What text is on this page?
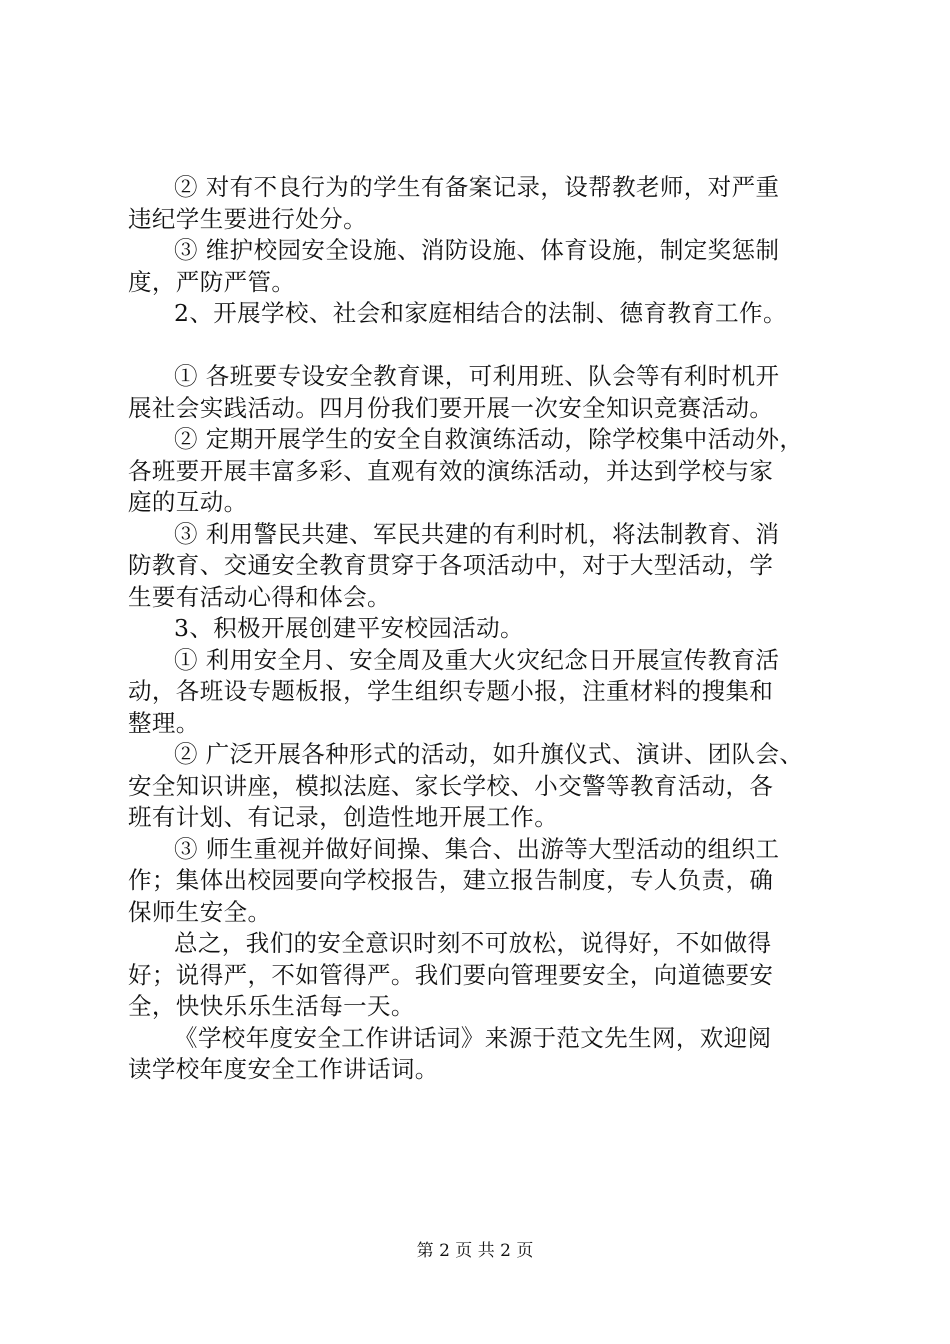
② 对有不良行为的学生有备案记录，设帮教老师，对严重
违纪学生要进行处分。
③ 维护校园安全设施、消防设施、体育设施，制定奖惩制
度，严防严管。
2、开展学校、社会和家庭相结合的法制、德育教育工作。
① 各班要专设安全教育课，可利用班、队会等有利时机开
展社会实践活动。四月份我们要开展一次安全知识竞赛活动。
② 定期开展学生的安全自救演练活动，除学校集中活动外，
各班要开展丰富多彩、直观有效的演练活动，并达到学校与家
庭的互动。
③ 利用警民共建、军民共建的有利时机，将法制教育、消
防教育、交通安全教育贯穿于各项活动中，对于大型活动，学
生要有活动心得和体会。
3、积极开展创建平安校园活动。
① 利用安全月、安全周及重大火灾纪念日开展宣传教育活
动，各班设专题板报，学生组织专题小报，注重材料的搜集和
整理。
② 广泛开展各种形式的活动，如升旗仪式、演讲、团队会、
安全知识讲座，模拟法庭、家长学校、小交警等教育活动，各
班有计划、有记录，创造性地开展工作。
③ 师生重视并做好间操、集合、出游等大型活动的组织工
作；集体出校园要向学校报告，建立报告制度，专人负责，确
保师生安全。
总之，我们的安全意识时刻不可放松，说得好，不如做得
好；说得严，不如管得严。我们要向管理要安全，向道德要安
全，快快乐乐生活每一天。
《学校年度安全工作讲话词》来源于范文先生网，欢迎阅
读学校年度安全工作讲话词。
第 2 页 共 2 页
